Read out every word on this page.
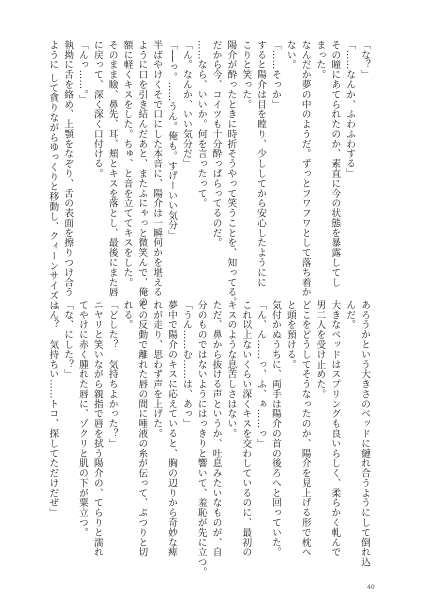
「な？」
「……なんか、ふわふわする」
その瞳にあてられたのか、素直に今の状態を暴露してし
まった。
なんだか夢の中のようだ。ずっとフワフワとして落ち着か
ない。
「……そっか」
すると陽介は目を瞠り、少ししてから安心したようにに
こりと笑った。
陽介が酔ったときに時折そうやって笑うことを、知ってる。
だから今、コイツも十分酔っぱらってるのだ。
……なら、いいか。何を言ったって。
「ん。なんか、いい気分だ」
「──っ。……うん。俺も。すげーいい気分」
半ばやけくそで口にした本音に、陽介は一瞬何かを堪える
ように口を引き結んだあと、またふにゃっと微笑んで、俺の
額に軽くキスをした。ちゅ、と音を立ててキスをした。
そのまま瞼、鼻先、耳、頬とキスを落とし、最後にまた唇
に戻って、深く深く口付ける。
「んっ……。」
執拗に舌を絡め、上顎をなぞり、舌の表面を擦りつけ合う
ように して貪りながらゆっくりと移動し、クィーンサイズは
あろうかという大きさのベッドに縺れ合うようにして倒れ込
んだ。
大きなベッドはスプリングも良いらしく、柔らかく軋んで
男二人を受け止めた。
どこをどうしてそうなったのか、陽介を見上げる形で枕へ
と頭を預ける。
気付かぬうちに、両手は陽介の首の後ろへと回っていた。
「ん、ん……っ、ふ、ぁ……っ」
これ以上ないくらい深くキスを交わしているのに、最初の
キスのような息苦しさはない。
ただ、鼻から抜ける声というか、吐息みたいなものが、自
分のものではないようにはっきりと響いて、羞恥が先に立つ。
「うん……む……は、あっ」
夢中で陽介のキスに応えていると、胸の辺りから奇妙な痺
れが走り、思わず声を上げた。
その反動で離れた唇の間に唾液の糸が伝って、ぷつりと切
れる。
「どした？　気持ちよかった？」
ニヤリと笑いながら親指で唇を拭う陽介の、てらりと濡れ
てやけに赤く腫れた唇に、ゾクリと肌の下が粟立つ。
「な、にした？」
「ん？　気持ちい……トコ、探してただけだぜ」
40
